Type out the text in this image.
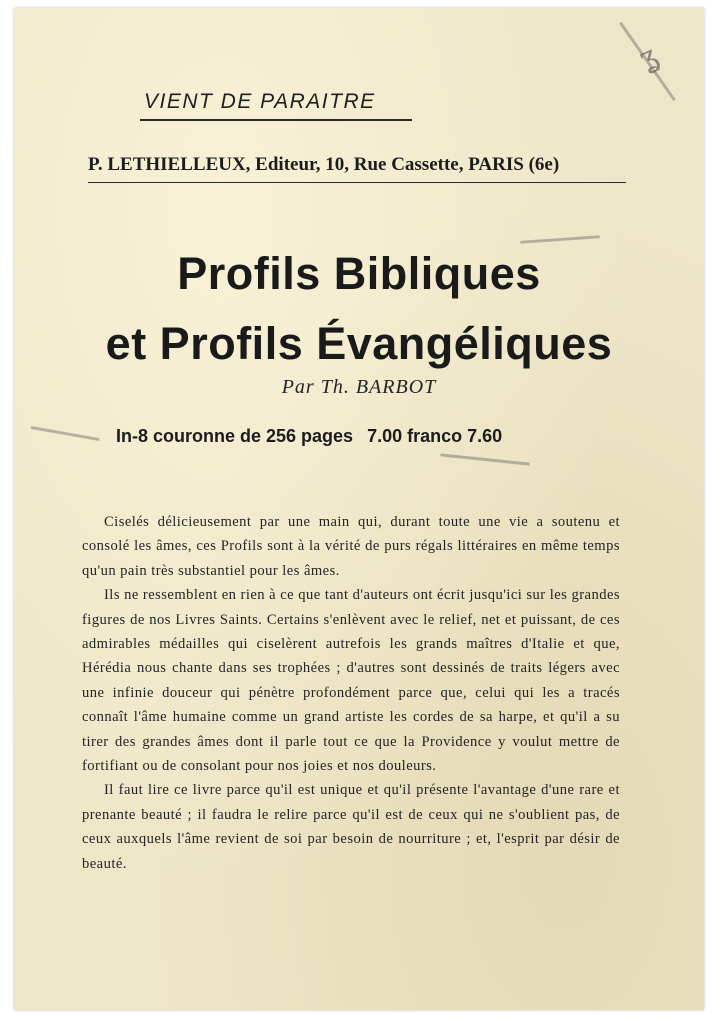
ʓ
VIENT DE PARAITRE
P. LETHIELLEUX, Editeur, 10, Rue Cassette, PARIS (6e)
Profils Bibliques
et Profils Évangéliques
Par Th. BARBOT
In-8 couronne de 256 pages 7.00 franco 7.60

Ciselés délicieusement par une main qui, durant toute une vie a soutenu et consolé les âmes, ces Profils sont à la vérité de purs régals littéraires en même temps qu'un pain très substantiel pour les âmes.

Ils ne ressemblent en rien à ce que tant d'auteurs ont écrit jusqu'ici sur les grandes figures de nos Livres Saints. Certains s'enlèvent avec le relief, net et puissant, de ces admirables médailles qui ciselèrent autrefois les grands maîtres d'Italie et que, Hérédia nous chante dans ses trophées ; d'autres sont dessinés de traits légers avec une infinie douceur qui pénètre profondément parce que, celui qui les a tracés connaît l'âme humaine comme un grand artiste les cordes de sa harpe, et qu'il a su tirer des grandes âmes dont il parle tout ce que la Providence y voulut mettre de fortifiant ou de consolant pour nos joies et nos douleurs.

Il faut lire ce livre parce qu'il est unique et qu'il présente l'avantage d'une rare et prenante beauté ; il faudra le relire parce qu'il est de ceux qui ne s'oublient pas, de ceux auxquels l'âme revient de soi par besoin de nourriture ; et, l'esprit par désir de beauté.
